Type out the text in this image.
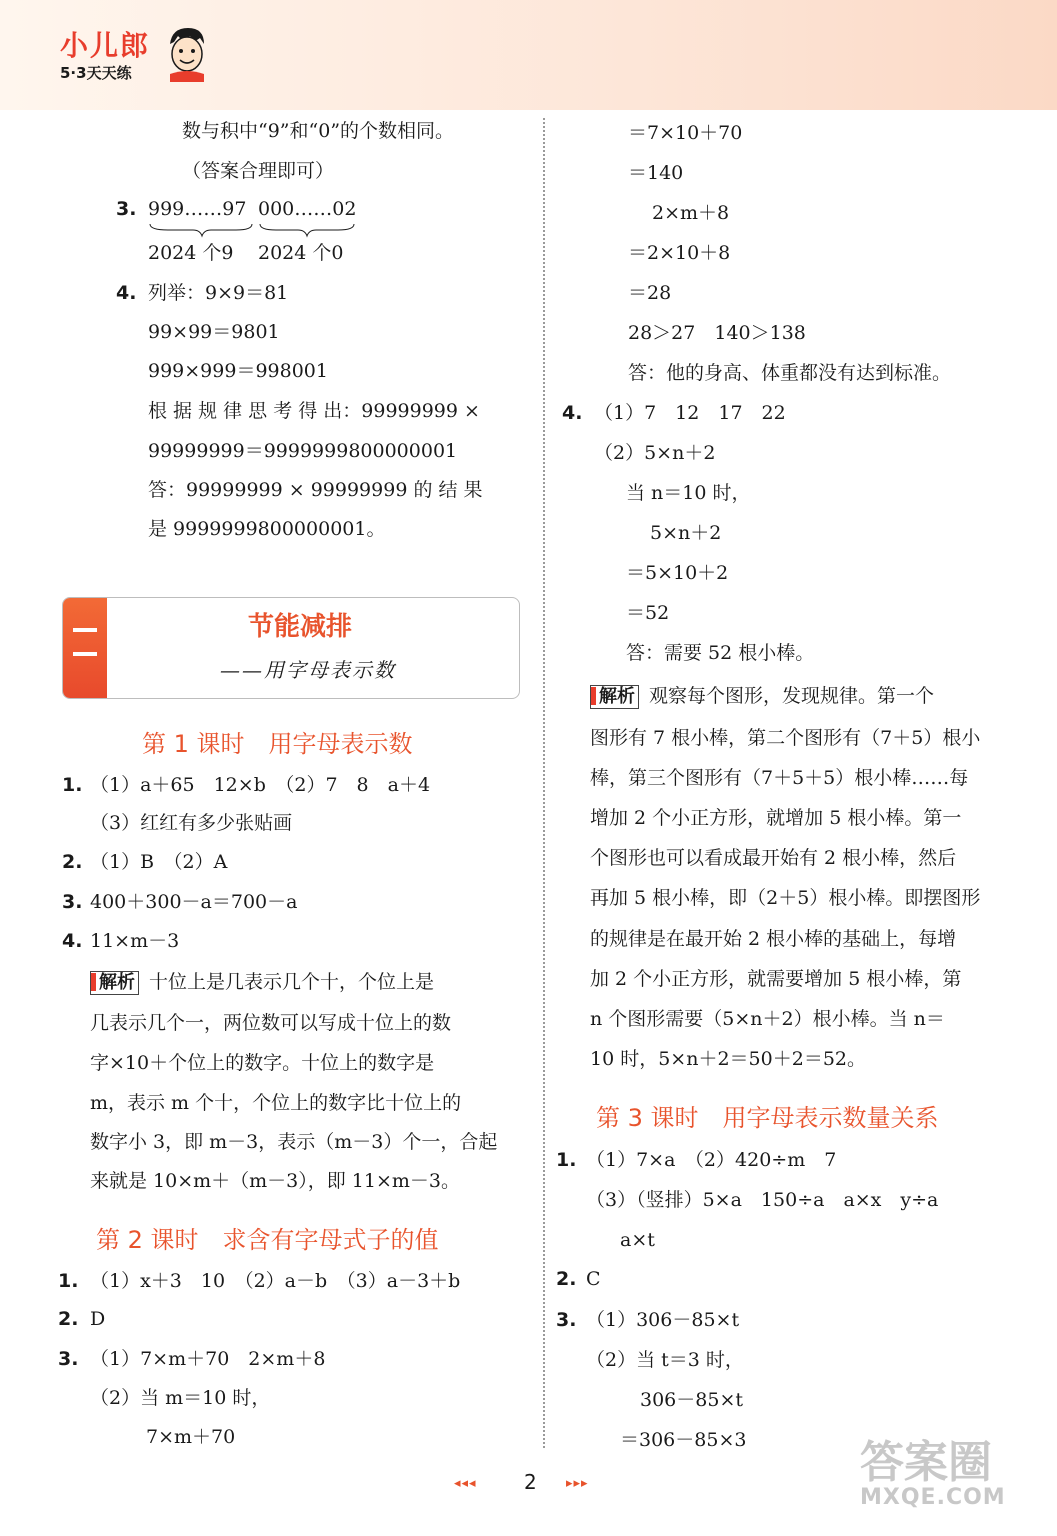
小儿郎
5·3天天练
数与积中“9”和“0”的个数相同。
（答案合理即可）
3. 999……97 000……02
2024 个9 2024 个0
4. 列举：9×9＝81
99×99＝9801
999×999＝998001
根 据 规 律 思 考 得 出：99999999 ×
99999999＝9999999800000001
答：99999999 × 99999999 的 结 果
是 9999999800000001。
节能减排
——用字母表示数
第 1 课时　用字母表示数
1. （1）a＋65　12×b　（2）7　8　a＋4
（3）红红有多少张贴画
2. （1）B　（2）A
3. 400＋300－a＝700－a
4. 11×m－3
解析 十位上是几表示几个十，个位上是
几表示几个一，两位数可以写成十位上的数
字×10＋个位上的数字。十位上的数字是
m，表示 m 个十，个位上的数字比十位上的
数字小 3，即 m－3，表示（m－3）个一，合起
来就是 10×m＋（m－3），即 11×m－3。
第 2 课时　求含有字母式子的值
1. （1）x＋3　10　（2）a－b　（3）a－3＋b
2. D
3. （1）7×m＋70　2×m＋8
（2）当 m＝10 时，
7×m＋70
＝7×10＋70
＝140
2×m＋8
＝2×10＋8
＝28
28＞27　140＞138
答：他的身高、体重都没有达到标准。
4. （1）7　12　17　22
（2）5×n＋2
当 n＝10 时，
5×n＋2
＝5×10＋2
＝52
答：需要 52 根小棒。
解析 观察每个图形，发现规律。第一个
图形有 7 根小棒，第二个图形有（7＋5）根小
棒，第三个图形有（7＋5＋5）根小棒……每
增加 2 个小正方形，就增加 5 根小棒。第一
个图形也可以看成最开始有 2 根小棒，然后
再加 5 根小棒，即（2＋5）根小棒。即摆图形
的规律是在最开始 2 根小棒的基础上，每增
加 2 个小正方形，就需要增加 5 根小棒，第
n 个图形需要（5×n＋2）根小棒。当 n＝
10 时，5×n＋2＝50＋2＝52。
第 3 课时　用字母表示数量关系
1. （1）7×a　（2）420÷m　7
（3）（竖排）5×a　150÷a　a×x　y÷a
a×t
2. C
3. （1）306－85×t
（2）当 t＝3 时，
306－85×t
＝306－85×3
◂◂◂ 2 ▸▸▸	答案圈
MXQE.COM
